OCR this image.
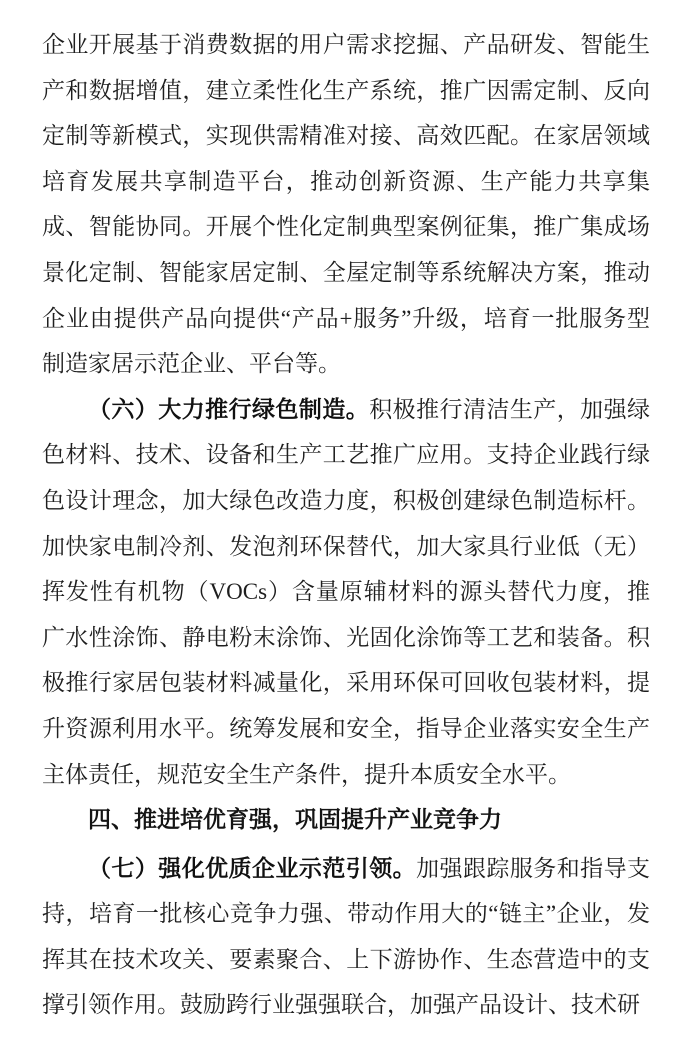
企业开展基于消费数据的用户需求挖掘、产品研发、智能生产和数据增值，建立柔性化生产系统，推广因需定制、反向定制等新模式，实现供需精准对接、高效匹配。在家居领域培育发展共享制造平台，推动创新资源、生产能力共享集成、智能协同。开展个性化定制典型案例征集，推广集成场景化定制、智能家居定制、全屋定制等系统解决方案，推动企业由提供产品向提供“产品+服务”升级，培育一批服务型制造家居示范企业、平台等。

（六）大力推行绿色制造。积极推行清洁生产，加强绿色材料、技术、设备和生产工艺推广应用。支持企业践行绿色设计理念，加大绿色改造力度，积极创建绿色制造标杆。加快家电制冷剂、发泡剂环保替代，加大家具行业低（无）挥发性有机物（VOCs）含量原辅材料的源头替代力度，推广水性涂饰、静电粉末涂饰、光固化涂饰等工艺和装备。积极推行家居包装材料减量化，采用环保可回收包装材料，提升资源利用水平。统筹发展和安全，指导企业落实安全生产主体责任，规范安全生产条件，提升本质安全水平。

四、推进培优育强，巩固提升产业竞争力

（七）强化优质企业示范引领。加强跟踪服务和指导支持，培育一批核心竞争力强、带动作用大的“链主”企业，发挥其在技术攻关、要素聚合、上下游协作、生态营造中的支撑引领作用。鼓励跨行业强强联合，加强产品设计、技术研
